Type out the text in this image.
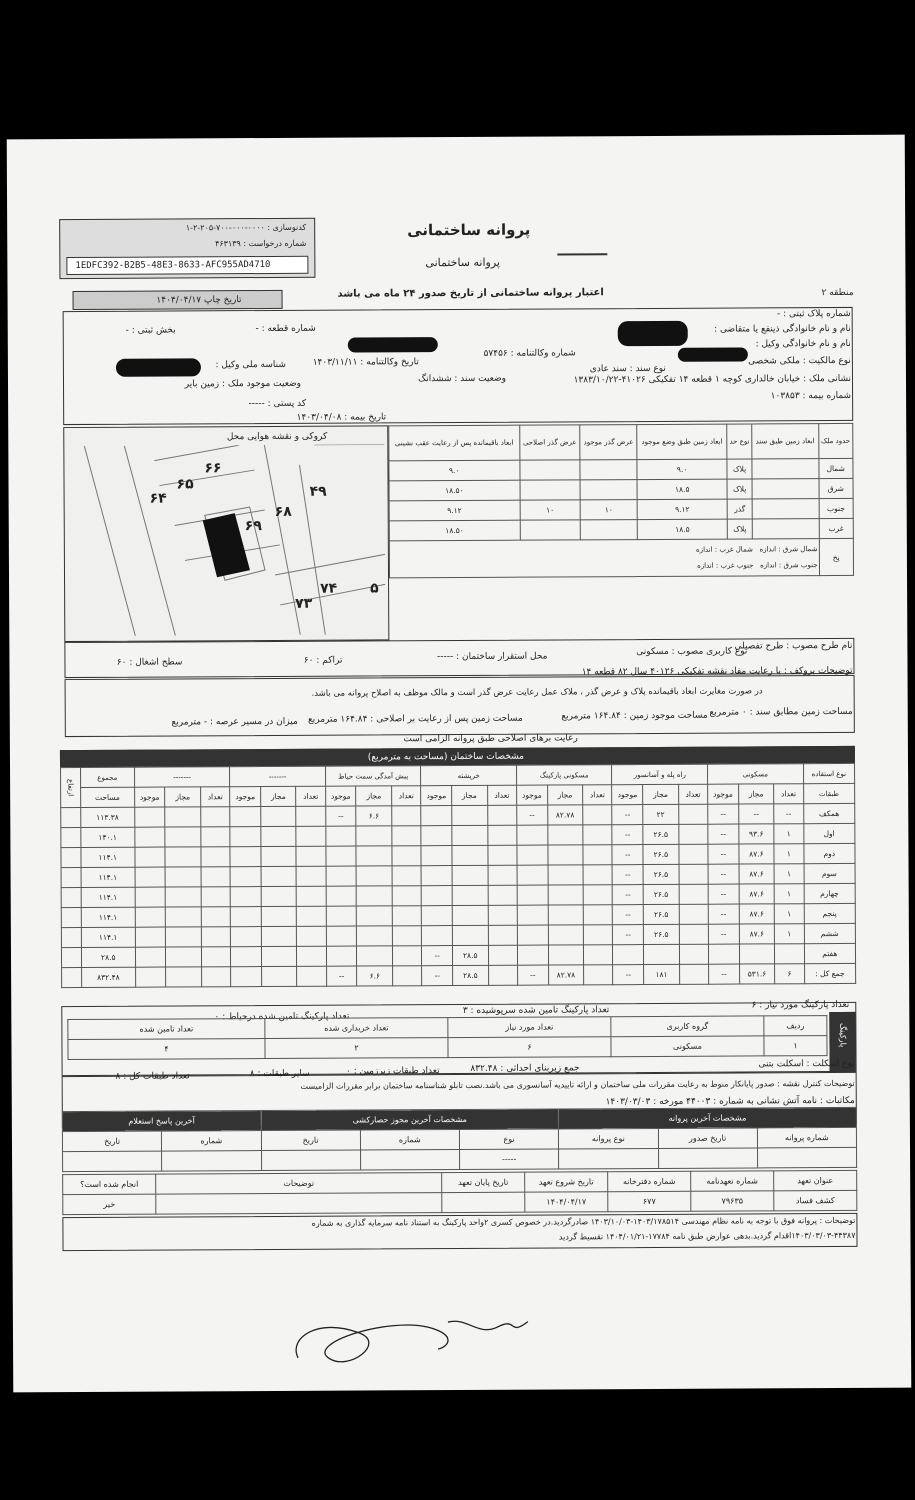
کدنوسازی : ۰۰۰۰-۰۰۰-۷۰۰-۲۰۵-۲-۱
شماره درخواست : ۴۶۳۱۳۹
1EDFC392-B2B5-48E3-8633-AFC955AD4710
پروانه ساختمانی
پروانه ساختمانی
تاریخ چاپ ۱۴۰۴/۰۴/۱۷
اعتبار پروانه ساختمانی از تاریخ صدور ۲۴ ماه می باشد	منطقه ۲
شماره پلاک ثبتی : -
شماره قطعه : -
بخش ثبتی : -	نام و نام خانوادگی ذینفع یا متقاضی :
نام و نام خانوادگی وکیل :
شماره وکالتنامه : ۵۷۴۵۶
تاریخ وکالتنامه : ۱۴۰۳/۱۱/۱۱
شناسه ملی وکیل :	نوع مالکیت : ملکی شخصی
نوع سند : سند عادی
وضعیت سند : ششدانگ
وضعیت موجود ملک : زمین بایر	نشانی ملک : خیابان خالداری کوچه ۱ قطعه ۱۴ تفکیکی ۴۱۰۲۶-۱۳۸۳/۱۰/۲۲
شماره بیمه : ۱۰۳۸۵۳
کد پستی : -----
تاریخ بیمه : ۱۴۰۳/۰۴/۰۸
حدود ملک	ابعاد زمین طبق سند	نوع حد	ابعاد زمین طبق وضع موجود	عرض گذر موجود	عرض گذر اصلاحی	ابعاد باقیمانده پس از رعایت عقب نشینی
شمال		پلاک	۹.۰			۹.۰
شرق		پلاک	۱۸.۵			۱۸.۵۰
جنوب		گذر	۹.۱۲	۱۰	۱۰	۹.۱۲
غرب		پلاک	۱۸.۵			۱۸.۵۰
پخ	شمال شرق : اندازه   شمال غرب : اندازه

جنوب شرق : اندازه   جنوب غرب : اندازه					
کروکی و نقشه هوایی محل
۶۶
۶۵
۶۴	۴۹
۶۸
۶۹
۷۴
۷۳
۵
نام طرح مصوب : طرح تفصیلی
نوع کاربری مصوب : مسکونی
محل استقرار ساختمان : -----
تراکم : ۶۰
سطح اشغال : ۶۰
توضیحات بروکف : با رعایت مفاد نقشه تفکیکی ۴۰۱۲۶ سال ۸۲ قطعه ۱۴
در صورت مغایرت ابعاد باقیمانده پلاک و عرض گذر ، ملاک عمل رعایت عرض گذر است و مالک موظف به اصلاح پروانه می باشد.
مساحت زمین مطابق سند : ۰ مترمربع
مساحت موجود زمین : ۱۶۴.۸۴ مترمربع
مساحت زمین پس از رعایت بر اصلاحی : ۱۶۴.۸۴ مترمربع
میزان در مسیر عرصه : - مترمربع
رعایت برهای اصلاحی طبق پروانه الزامی است
مشخصات ساختمان (مساحت به مترمربع)
نوع استفاده	مسکونی			راه پله و آسانسور			مسکونی پارکینگ			خرپشته			پیش آمدگی سمت حیاط			-------			-------			مجموع	ارتفاع
طبقات	تعداد	مجاز	موجود	تعداد	مجاز	موجود	تعداد	مجاز	موجود	تعداد	مجاز	موجود	تعداد	مجاز	موجود	تعداد	مجاز	موجود	تعداد	مجاز	موجود	مساحت	
همکف	--	--	--		۲۲	--		۸۲.۷۸	--					۶.۶	--							۱۱۳.۳۸	
اول	۱	۹۳.۶	--		۲۶.۵	--																۱۴۰.۱	
دوم	۱	۸۷.۶	--		۲۶.۵	--																۱۱۴.۱	
سوم	۱	۸۷.۶	--		۲۶.۵	--																۱۱۴.۱	
چهارم	۱	۸۷.۶	--		۲۶.۵	--																۱۱۴.۱	
پنجم	۱	۸۷.۶	--		۲۶.۵	--																۱۱۴.۱	
ششم	۱	۸۷.۶	--		۲۶.۵	--																۱۱۴.۱	
هفتم											۲۸.۵	--										۲۸.۵	
جمع کل :	۶	۵۳۱.۶	--		۱۸۱	--		۸۲.۷۸	--		۲۸.۵	--		۶.۶	--							۸۳۲.۴۸	
تعداد پارکینگ مورد نیاز : ۶
تعداد پارکینگ تامین شده سرپوشیده : ۳
تعداد پارکینگ تامین شده درحیاط : ۰
پارکینگ
ردیف	گروه کاربری	تعداد مورد نیاز	تعداد خریداری شده	تعداد تامین شده
۱	مسکونی	۶	۲	۴
نوع اسکلت : اسکلت بتنی
جمع زیربنای احداثی : ۸۳۲.۴۸
تعداد طبقات زیرزمین : ۰
سایر طبقات : ۸
تعداد طبقات کل : ۸
توضیحات کنترل نقشه : صدور پایانکار منوط به رعایت مقررات ملی ساختمان و ارائه تاییدیه آسانسوری می باشد.نصب تابلو شناسنامه ساختمان برابر مقررات الزامیست
مکاتبات : نامه آتش نشانی به شماره : ۴۴۰۰۳ مورخه : ۱۴۰۳/۰۳/۰۳
مشخصات آخرین پروانه			مشخصات آخرین مجوز حصارکشی			آخرین پاسخ استعلام	
شماره پروانه	تاریخ صدور	نوع پروانه	نوع	شماره	تاریخ	شماره	تاریخ
			-----				
عنوان تعهد	شماره تعهدنامه	شماره دفترخانه	تاریخ شروع تعهد	تاریخ پایان تعهد	توضیحات	انجام شده است؟
کشف فساد	۷۹۶۳۵	۶۷۷	۱۴۰۴/۰۴/۱۷			خیر
توضیحات : پروانه فوق با توجه به نامه نظام مهندسی ۱۴۰۳/۱۷۸۵۱۴-۱۴۰۳/۱۰/۰۳ صادرگردید.در خصوص کسری ۲واحد پارکینگ به استناد نامه سرمایه گذاری به شماره
۱۴۰۳/۰۳/۰۳-۴۴۳۸۷اقدام گردید.بدهی عوارض طبق نامه ۱۷۷۸۴-۱۴۰۴/۰۱/۲۱ تقسیط گردید
